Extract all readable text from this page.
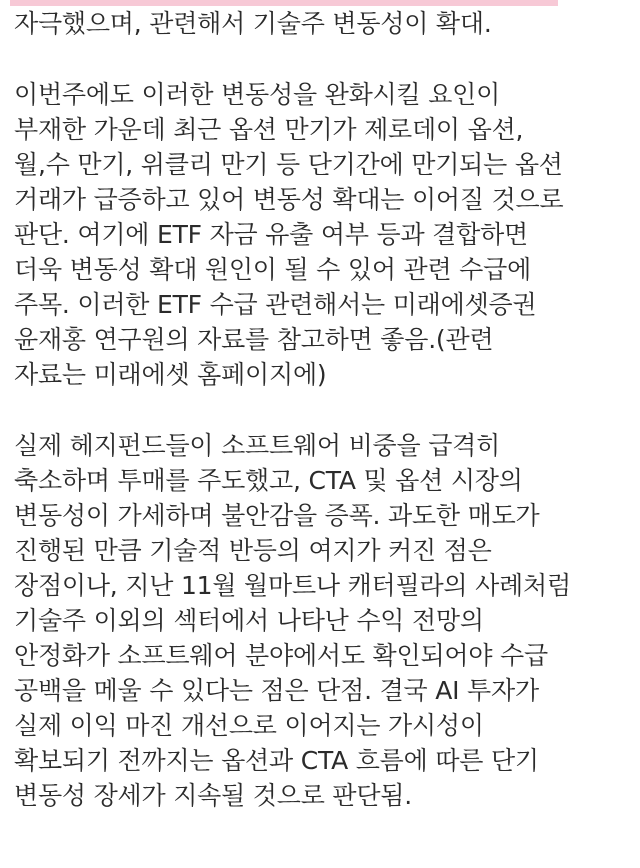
자극했으며, 관련해서 기술주 변동성이 확대.
이번주에도 이러한 변동성을 완화시킬 요인이
부재한 가운데 최근 옵션 만기가 제로데이 옵션,
월,수 만기, 위클리 만기 등 단기간에 만기되는 옵션
거래가 급증하고 있어 변동성 확대는 이어질 것으로
판단. 여기에 ETF 자금 유출 여부 등과 결합하면
더욱 변동성 확대 원인이 될 수 있어 관련 수급에
주목. 이러한 ETF 수급 관련해서는 미래에셋증권
윤재홍 연구원의 자료를 참고하면 좋음.(관련
자료는 미래에셋 홈페이지에)
실제 헤지펀드들이 소프트웨어 비중을 급격히
축소하며 투매를 주도했고, CTA 및 옵션 시장의
변동성이 가세하며 불안감을 증폭. 과도한 매도가
진행된 만큼 기술적 반등의 여지가 커진 점은
장점이나, 지난 11월 월마트나 캐터필라의 사례처럼
기술주 이외의 섹터에서 나타난 수익 전망의
안정화가 소프트웨어 분야에서도 확인되어야 수급
공백을 메울 수 있다는 점은 단점. 결국 AI 투자가
실제 이익 마진 개선으로 이어지는 가시성이
확보되기 전까지는 옵션과 CTA 흐름에 따른 단기
변동성 장세가 지속될 것으로 판단됨.
